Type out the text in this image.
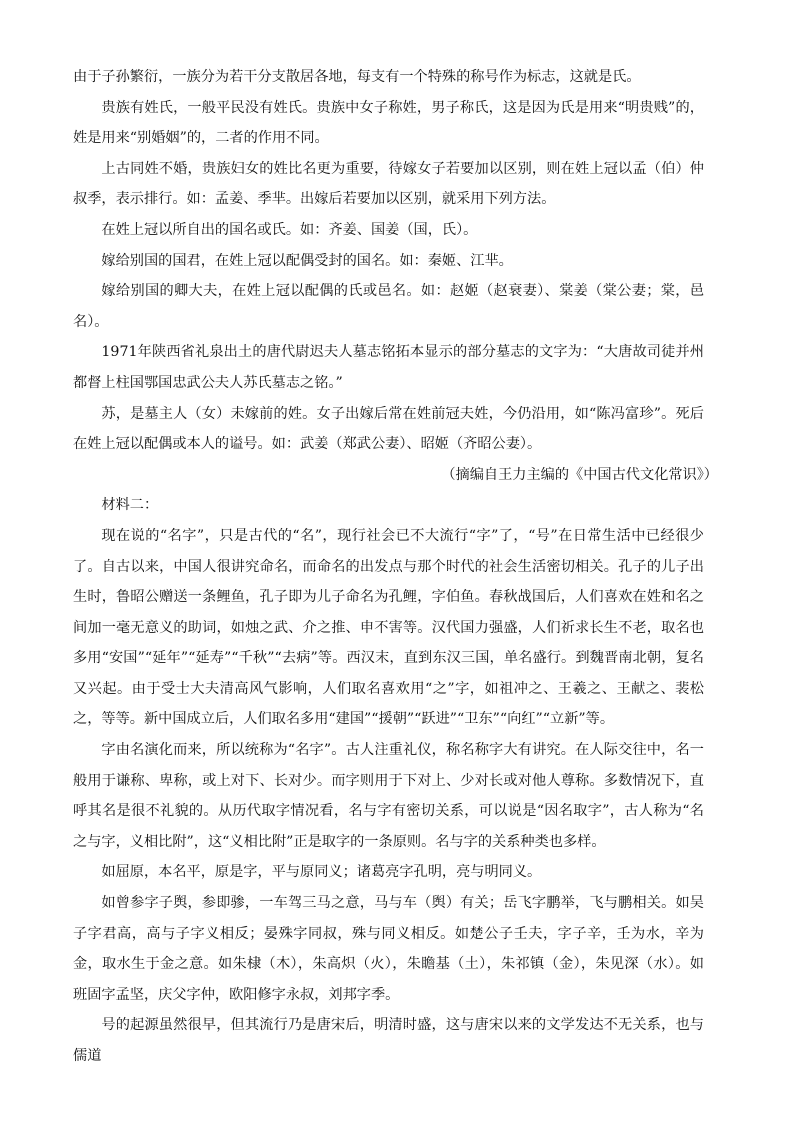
由于子孙繁衍，一族分为若干分支散居各地，每支有一个特殊的称号作为标志，这就是氏。

贵族有姓氏，一般平民没有姓氏。贵族中女子称姓，男子称氏，这是因为氏是用来“明贵贱”的，姓是用来“别婚姻”的，二者的作用不同。

上古同姓不婚，贵族妇女的姓比名更为重要，待嫁女子若要加以区别，则在姓上冠以孟（伯）仲叔季，表示排行。如：孟姜、季芈。出嫁后若要加以区别，就采用下列方法。

在姓上冠以所自出的国名或氏。如：齐姜、国姜（国，氏）。

嫁给别国的国君，在姓上冠以配偶受封的国名。如：秦姬、江芈。

嫁给别国的卿大夫，在姓上冠以配偶的氏或邑名。如：赵姬（赵衰妻）、棠姜（棠公妻；棠，邑名）。

1971年陕西省礼泉出土的唐代尉迟夫人墓志铭拓本显示的部分墓志的文字为：“大唐故司徒并州都督上柱国鄂国忠武公夫人苏氏墓志之铭。”

苏，是墓主人（女）未嫁前的姓。女子出嫁后常在姓前冠夫姓，今仍沿用，如“陈冯富珍”。死后在姓上冠以配偶或本人的谥号。如：武姜（郑武公妻）、昭姬（齐昭公妻）。

（摘编自王力主编的《中国古代文化常识》）

材料二：

现在说的“名字”，只是古代的“名”，现行社会已不大流行“字”了，“号”在日常生活中已经很少了。自古以来，中国人很讲究命名，而命名的出发点与那个时代的社会生活密切相关。孔子的儿子出生时，鲁昭公赠送一条鲤鱼，孔子即为儿子命名为孔鲤，字伯鱼。春秋战国后，人们喜欢在姓和名之间加一毫无意义的助词，如烛之武、介之推、申不害等。汉代国力强盛，人们祈求长生不老，取名也多用“安国”“延年”“延寿”“千秋”“去病”等。西汉末，直到东汉三国，单名盛行。到魏晋南北朝，复名又兴起。由于受士大夫清高风气影响，人们取名喜欢用“之”字，如祖冲之、王羲之、王献之、裴松之，等等。新中国成立后，人们取名多用“建国”“援朝”“跃进”“卫东”“向红”“立新”等。

字由名演化而来，所以统称为“名字”。古人注重礼仪，称名称字大有讲究。在人际交往中，名一般用于谦称、卑称，或上对下、长对少。而字则用于下对上、少对长或对他人尊称。多数情况下，直呼其名是很不礼貌的。从历代取字情况看，名与字有密切关系，可以说是“因名取字”，古人称为“名之与字，义相比附”，这“义相比附”正是取字的一条原则。名与字的关系种类也多样。

如屈原，本名平，原是字，平与原同义；诸葛亮字孔明，亮与明同义。

如曾参字子舆，参即骖，一车驾三马之意，马与车（舆）有关；岳飞字鹏举，飞与鹏相关。如吴子字君高，高与子字义相反；晏殊字同叔，殊与同义相反。如楚公子壬夫，字子辛，壬为水，辛为金，取水生于金之意。如朱棣（木），朱高炽（火），朱瞻基（土），朱祁镇（金），朱见深（水）。如班固字孟坚，庆父字仲，欧阳修字永叔，刘邦字季。

号的起源虽然很早，但其流行乃是唐宋后，明清时盛，这与唐宋以来的文学发达不无关系，也与儒道
